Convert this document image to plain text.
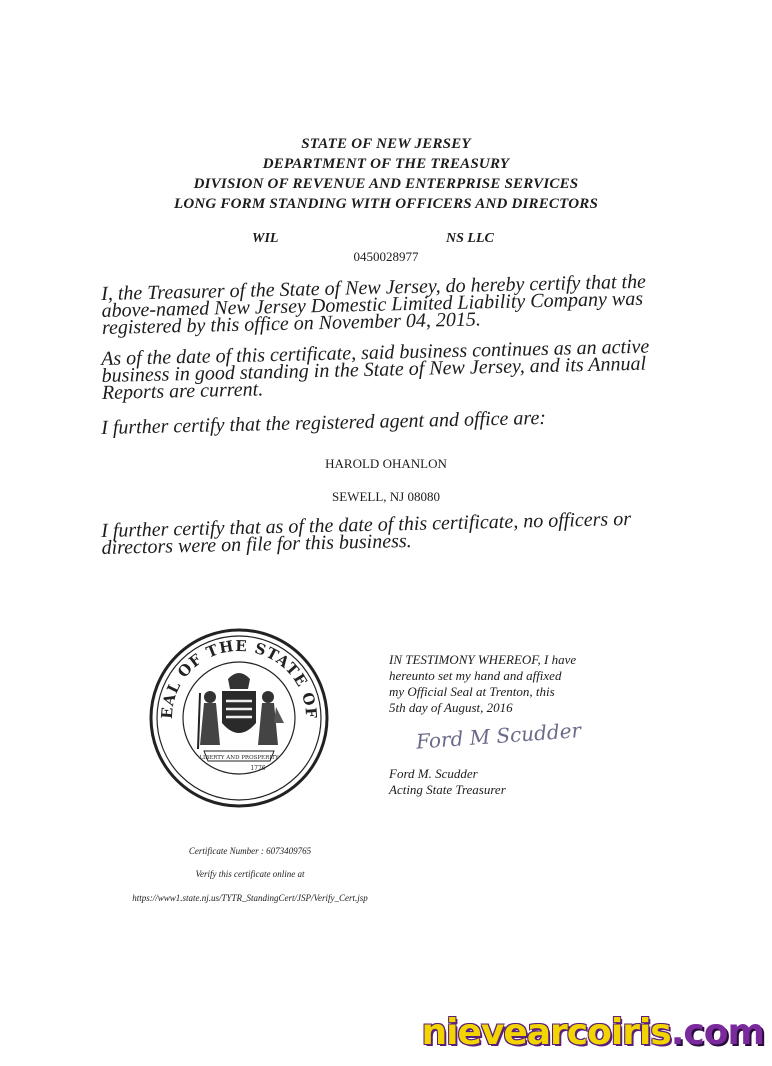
STATE OF NEW JERSEY
DEPARTMENT OF THE TREASURY
DIVISION OF REVENUE AND ENTERPRISE SERVICES
LONG FORM STANDING WITH OFFICERS AND DIRECTORS
WIL	NS LLC
0450028977
I, the Treasurer of the State of New Jersey, do hereby certify that the above-named New Jersey Domestic Limited Liability Company was registered by this office on November 04, 2015.
As of the date of this certificate, said business continues as an active business in good standing in the State of New Jersey, and its Annual Reports are current.
I further certify that the registered agent and office are:
HAROLD OHANLON
SEWELL, NJ 08080
I further certify that as of the date of this certificate, no officers or directors were on file for this business.
EAL OF THE STATE OF
LIBERTY AND PROSPERITY
1776
IN TESTIMONY WHEREOF, I have
hereunto set my hand and affixed
my Official Seal at Trenton, this
5th day of August, 2016
Ford M Scudder
Ford M. Scudder
Acting State Treasurer
Certificate Number : 6073409765
Verify this certificate online at
https://www1.state.nj.us/TYTR_StandingCert/JSP/Verify_Cert.jsp
nievearcoiris.com
